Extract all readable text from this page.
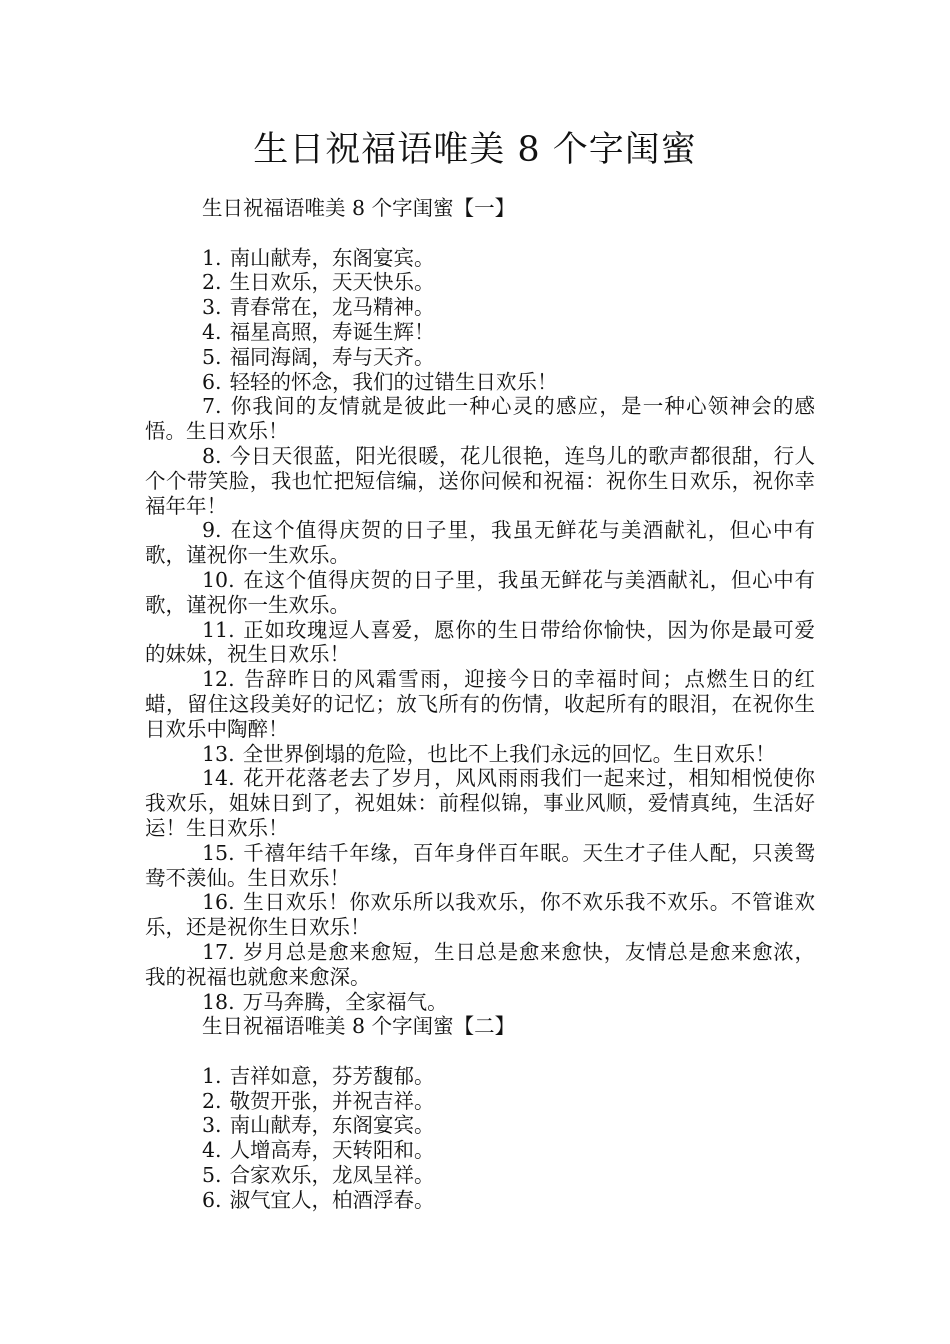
生日祝福语唯美 8 个字闺蜜

生日祝福语唯美 8 个字闺蜜【一】

1. 南山献寿，东阁宴宾。

2. 生日欢乐，天天快乐。

3. 青春常在，龙马精神。

4. 福星高照，寿诞生辉！

5. 福同海阔，寿与天齐。

6. 轻轻的怀念，我们的过错生日欢乐！

7. 你我间的友情就是彼此一种心灵的感应，是一种心领神会的感悟。生日欢乐！

8. 今日天很蓝，阳光很暖，花儿很艳，连鸟儿的歌声都很甜，行人个个带笑脸，我也忙把短信编，送你问候和祝福：祝你生日欢乐，祝你幸福年年！

9. 在这个值得庆贺的日子里，我虽无鲜花与美酒献礼，但心中有歌，谨祝你一生欢乐。

10. 在这个值得庆贺的日子里，我虽无鲜花与美酒献礼，但心中有歌，谨祝你一生欢乐。

11. 正如玫瑰逗人喜爱，愿你的生日带给你愉快，因为你是最可爱的妹妹，祝生日欢乐！

12. 告辞昨日的风霜雪雨，迎接今日的幸福时间；点燃生日的红蜡，留住这段美好的记忆；放飞所有的伤情，收起所有的眼泪，在祝你生日欢乐中陶醉！

13. 全世界倒塌的危险，也比不上我们永远的回忆。生日欢乐！

14. 花开花落老去了岁月，风风雨雨我们一起来过，相知相悦使你我欢乐，姐妹日到了，祝姐妹：前程似锦，事业风顺，爱情真纯，生活好运！生日欢乐！

15. 千禧年结千年缘，百年身伴百年眠。天生才子佳人配，只羡鸳鸯不羡仙。生日欢乐！

16. 生日欢乐！你欢乐所以我欢乐，你不欢乐我不欢乐。不管谁欢乐，还是祝你生日欢乐！

17. 岁月总是愈来愈短，生日总是愈来愈快，友情总是愈来愈浓，我的祝福也就愈来愈深。

18. 万马奔腾，全家福气。

生日祝福语唯美 8 个字闺蜜【二】

1. 吉祥如意，芬芳馥郁。

2. 敬贺开张，并祝吉祥。

3. 南山献寿，东阁宴宾。

4. 人增高寿，天转阳和。

5. 合家欢乐，龙凤呈祥。

6. 淑气宜人，柏酒浮春。
